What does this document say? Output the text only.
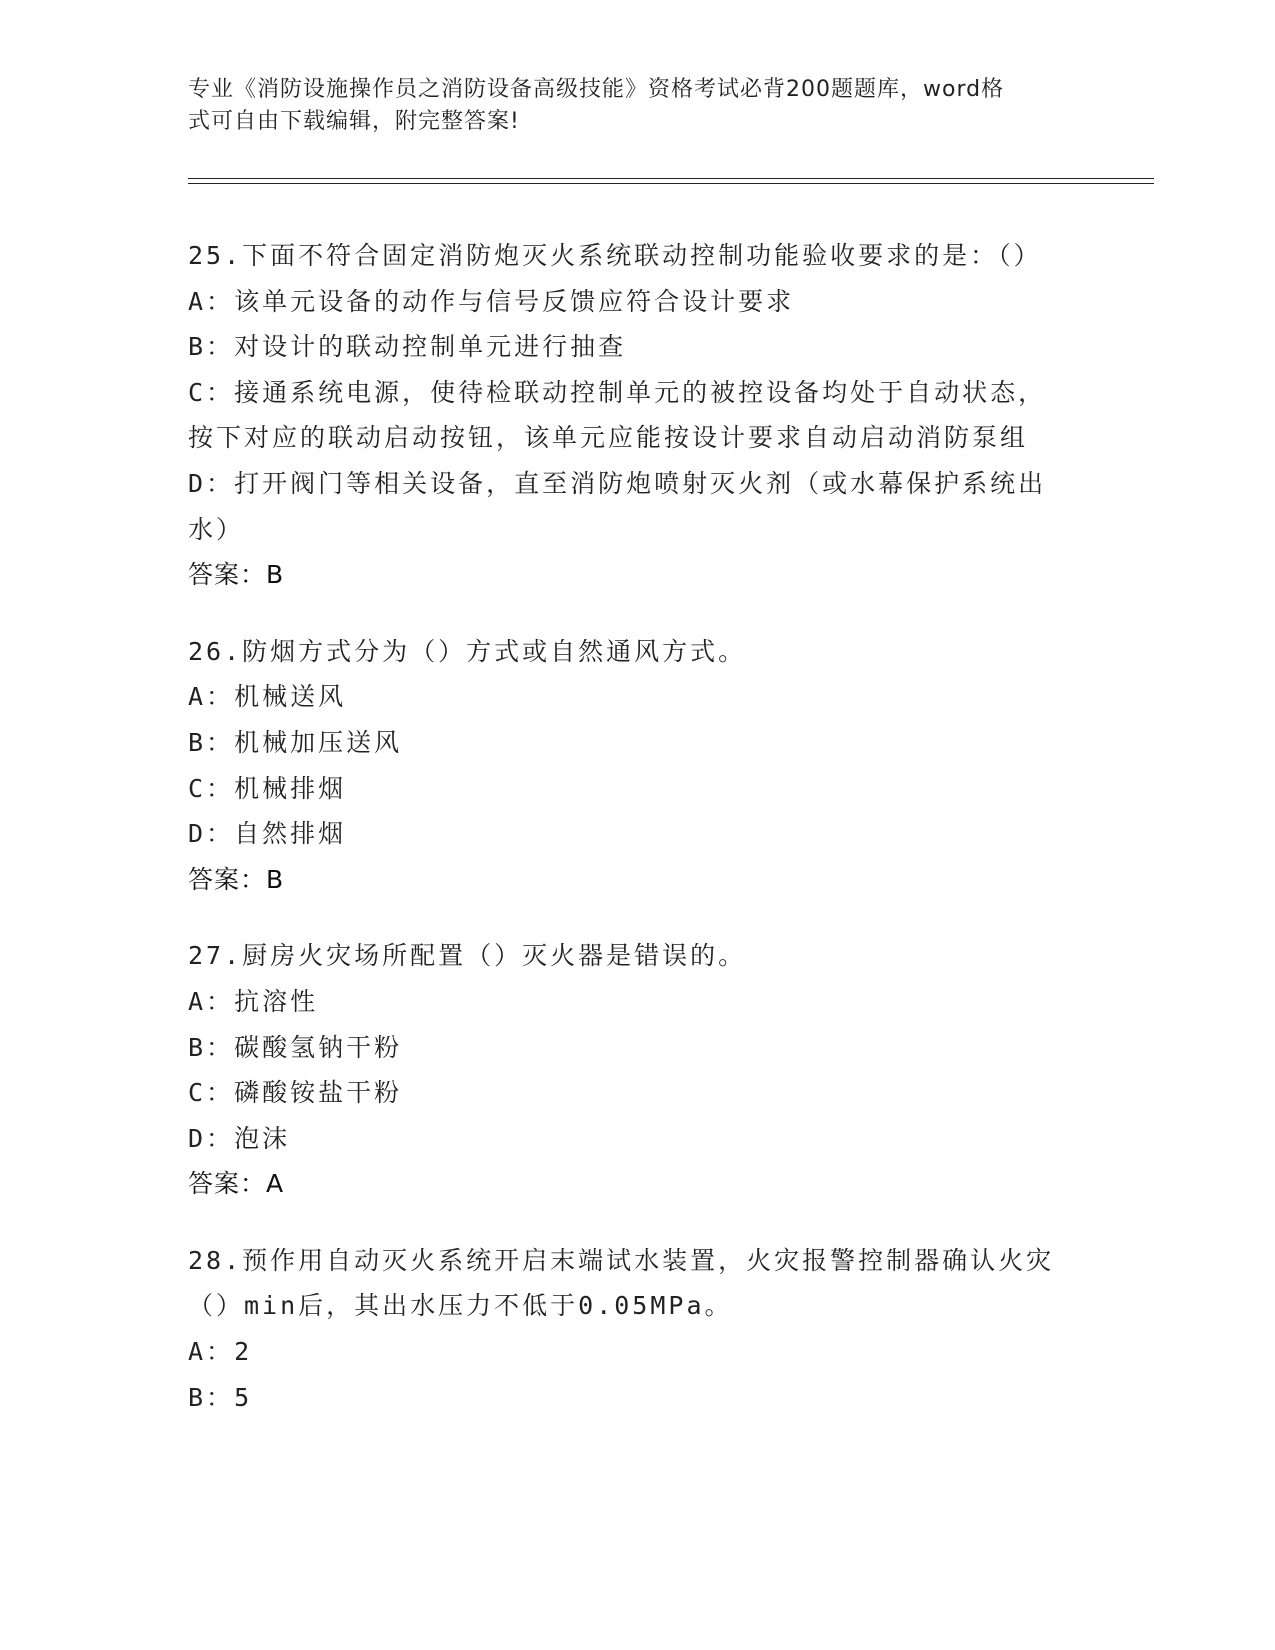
专业《消防设施操作员之消防设备高级技能》资格考试必背200题题库，word格
式可自由下载编辑，附完整答案!
25.下面不符合固定消防炮灭火系统联动控制功能验收要求的是：（）
A：该单元设备的动作与信号反馈应符合设计要求
B：对设计的联动控制单元进行抽查
C：接通系统电源，使待检联动控制单元的被控设备均处于自动状态，
按下对应的联动启动按钮，该单元应能按设计要求自动启动消防泵组
D：打开阀门等相关设备，直至消防炮喷射灭火剂（或水幕保护系统出
水）
答案：B
26.防烟方式分为（）方式或自然通风方式。
A：机械送风
B：机械加压送风
C：机械排烟
D：自然排烟
答案：B
27.厨房火灾场所配置（）灭火器是错误的。
A：抗溶性
B：碳酸氢钠干粉
C：磷酸铵盐干粉
D：泡沫
答案：A
28.预作用自动灭火系统开启末端试水装置，火灾报警控制器确认火灾
（）min后，其出水压力不低于0.05MPa。
A：2
B：5
